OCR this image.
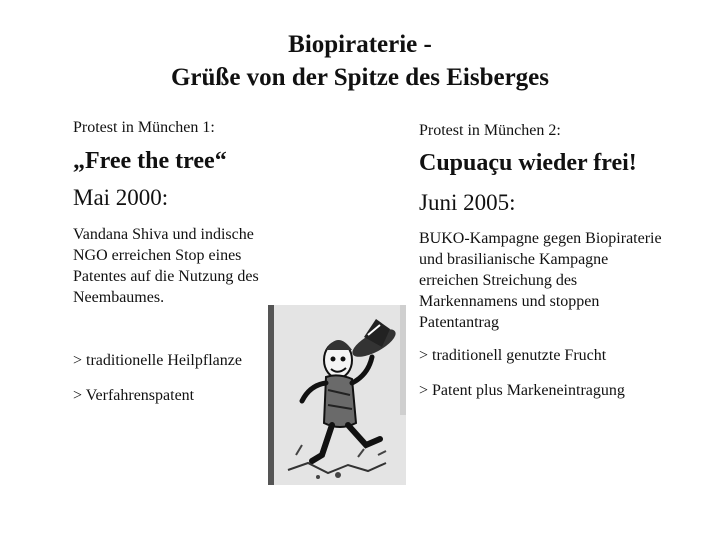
Biopiraterie -
Grüße von der Spitze des Eisberges
Protest in München 1:
„Free the tree“
Mai 2000:
Vandana Shiva und indische NGO erreichen Stop eines Patentes auf die Nutzung des Neembaumes.
> traditionelle Heilpflanze
> Verfahrenspatent
Protest in München 2:
Cupuaçu wieder frei!
Juni 2005:
BUKO-Kampagne gegen Biopiraterie und brasilianische Kampagne erreichen Streichung des Markennamens und stoppen Patentantrag
> traditionell genutzte Frucht
> Patent plus Markeneintragung
